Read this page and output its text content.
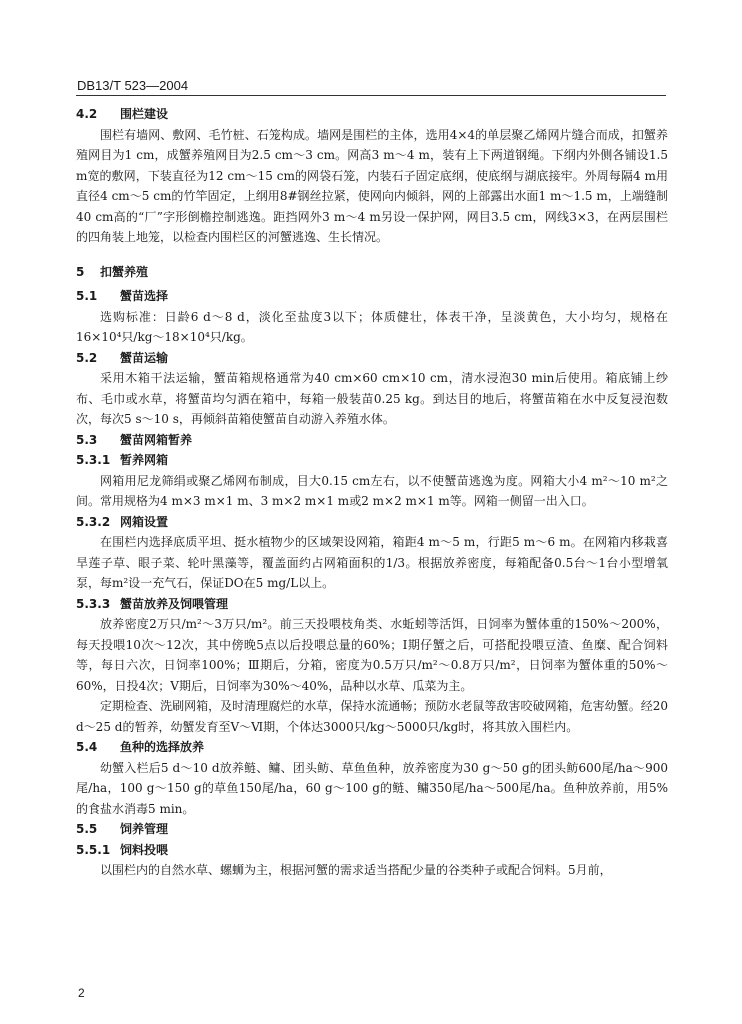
DB13/T 523—2004
4.2 围栏建设

围栏有墙网、敷网、毛竹桩、石笼构成。墙网是围栏的主体，选用4×4的单层聚乙烯网片缝合而成，扣蟹养殖网目为1 cm，成蟹养殖网目为2.5 cm～3 cm。网高3 m～4 m，装有上下两道钢绳。下纲内外侧各铺设1.5 m宽的敷网，下装直径为12 cm～15 cm的网袋石笼，内装石子固定底纲，使底纲与湖底接牢。外周每隔4 m用直径4 cm～5 cm的竹竿固定，上纲用8#钢丝拉紧，使网向内倾斜，网的上部露出水面1 m～1.5 m，上端缝制40 cm高的“厂”字形倒檐控制逃逸。距挡网外3 m～4 m另设一保护网，网目3.5 cm，网线3×3，在两层围栏的四角装上地笼，以检查内围栏区的河蟹逃逸、生长情况。

5 扣蟹养殖
5.1 蟹苗选择

选购标准：日龄6 d～8 d，淡化至盐度3以下；体质健壮，体表干净，呈淡黄色，大小均匀，规格在16×10⁴只/kg～18×10⁴只/kg。

5.2 蟹苗运输

采用木箱干法运输，蟹苗箱规格通常为40 cm×60 cm×10 cm，清水浸泡30 min后使用。箱底铺上纱布、毛巾或水草，将蟹苗均匀洒在箱中，每箱一般装苗0.25 kg。到达目的地后，将蟹苗箱在水中反复浸泡数次，每次5 s～10 s，再倾斜苗箱使蟹苗自动游入养殖水体。

5.3 蟹苗网箱暂养
5.3.1 暂养网箱

网箱用尼龙筛绢或聚乙烯网布制成，目大0.15 cm左右，以不使蟹苗逃逸为度。网箱大小4 m²～10 m²之间。常用规格为4 m×3 m×1 m、3 m×2 m×1 m或2 m×2 m×1 m等。网箱一侧留一出入口。

5.3.2 网箱设置

在围栏内选择底质平坦、挺水植物少的区域架设网箱，箱距4 m～5 m，行距5 m～6 m。在网箱内移栽喜旱莲子草、眼子菜、轮叶黑藻等，覆盖面约占网箱面积的1/3。根据放养密度，每箱配备0.5台～1台小型增氧泵，每m²设一充气石，保证DO在5 mg/L以上。

5.3.3 蟹苗放养及饲喂管理

放养密度2万只/m²～3万只/m²。前三天投喂枝角类、水蚯蚓等活饵，日饲率为蟹体重的150%～200%，每天投喂10次～12次，其中傍晚5点以后投喂总量的60%；Ⅰ期仔蟹之后，可搭配投喂豆渣、鱼糜、配合饲料等，每日六次，日饲率100%；Ⅲ期后，分箱，密度为0.5万只/m²～0.8万只/m²，日饲率为蟹体重的50%～60%，日投4次；Ⅴ期后，日饲率为30%～40%，品种以水草、瓜菜为主。

定期检查、洗刷网箱，及时清理腐烂的水草，保持水流通畅；预防水老鼠等敌害咬破网箱，危害幼蟹。经20 d～25 d的暂养，幼蟹发育至Ⅴ～Ⅵ期，个体达3000只/kg～5000只/kg时，将其放入围栏内。

5.4 鱼种的选择放养

幼蟹入栏后5 d～10 d放养鲢、鳙、团头鲂、草鱼鱼种，放养密度为30 g～50 g的团头鲂600尾/ha～900尾/ha，100 g～150 g的草鱼150尾/ha，60 g～100 g的鲢、鳙350尾/ha～500尾/ha。鱼种放养前，用5%的食盐水消毒5 min。

5.5 饲养管理
5.5.1 饲料投喂

以围栏内的自然水草、螺蛳为主，根据河蟹的需求适当搭配少量的谷类种子或配合饲料。5月前，

2
